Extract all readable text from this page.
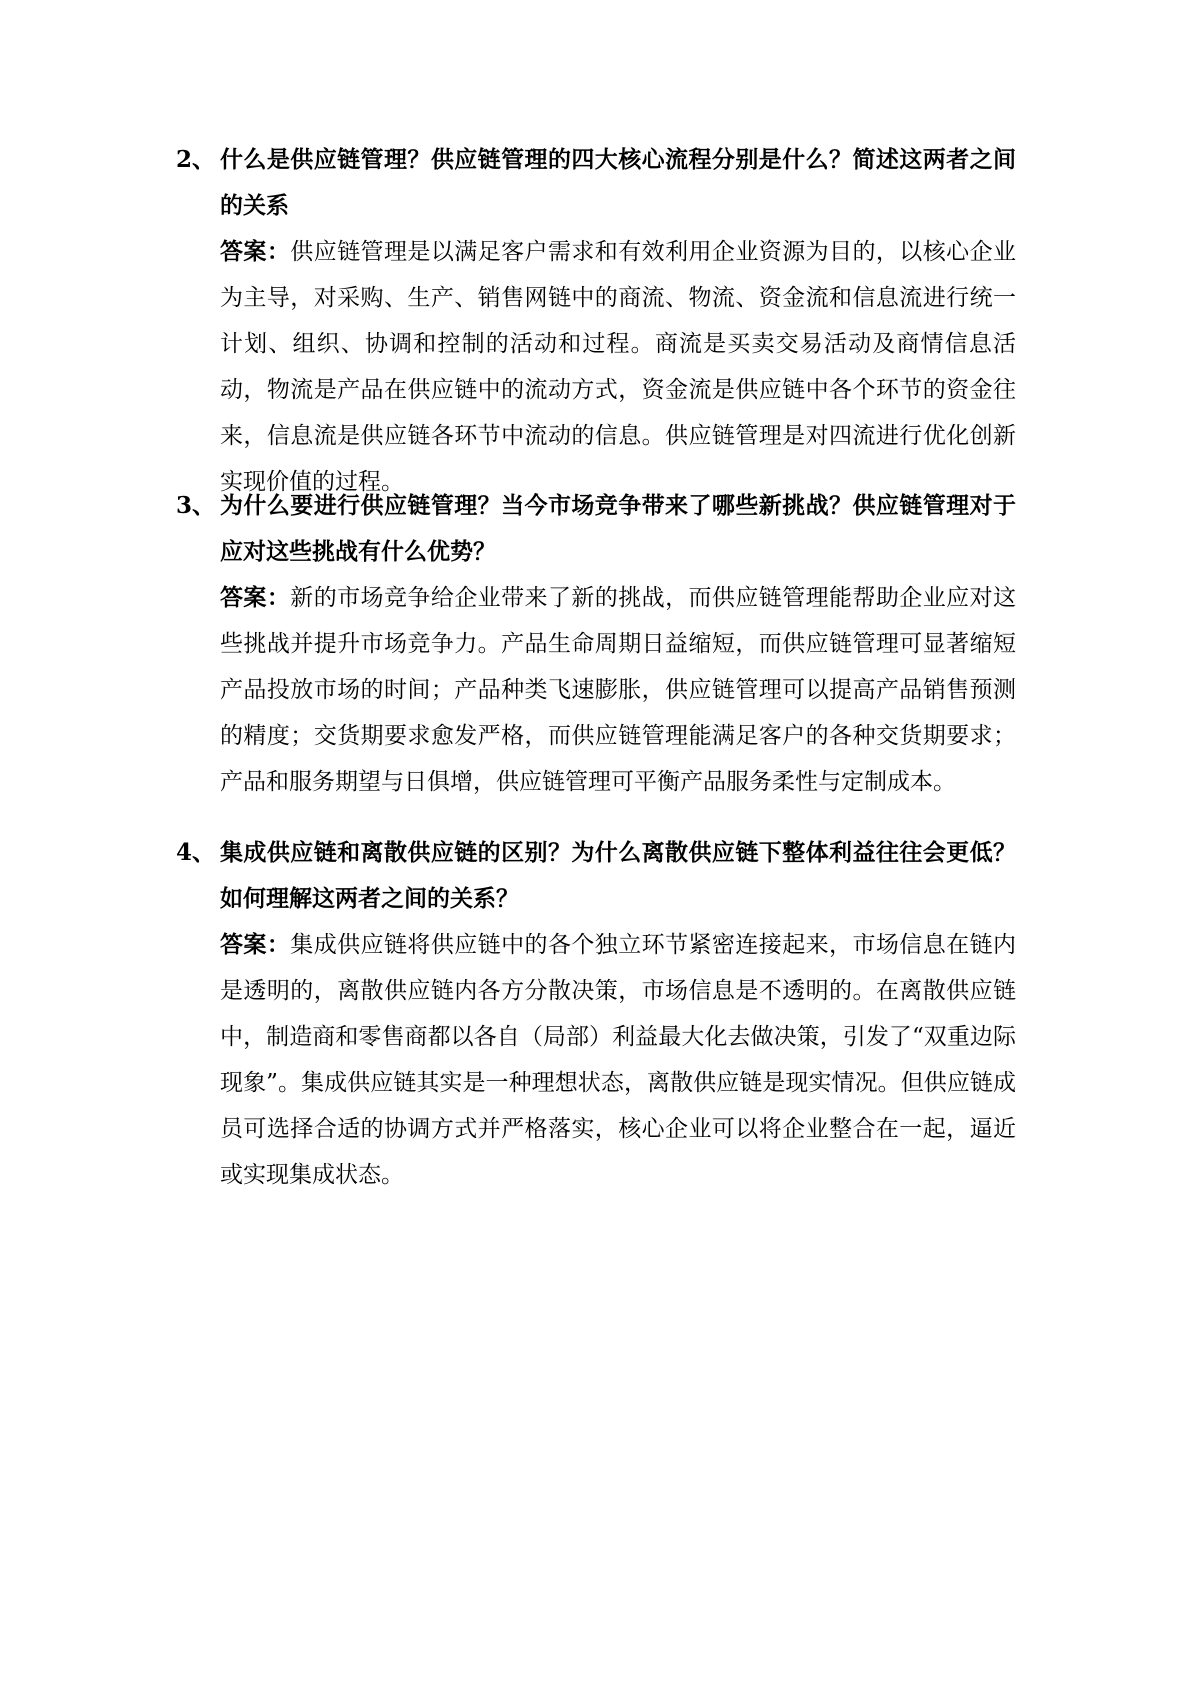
2、 什么是供应链管理？供应链管理的四大核心流程分别是什么？简述这两者之间的关系
答案：供应链管理是以满足客户需求和有效利用企业资源为目的，以核心企业为主导，对采购、生产、销售网链中的商流、物流、资金流和信息流进行统一计划、组织、协调和控制的活动和过程。商流是买卖交易活动及商情信息活动，物流是产品在供应链中的流动方式，资金流是供应链中各个环节的资金往来，信息流是供应链各环节中流动的信息。供应链管理是对四流进行优化创新实现价值的过程。
3、 为什么要进行供应链管理？当今市场竞争带来了哪些新挑战？供应链管理对于应对这些挑战有什么优势？
答案：新的市场竞争给企业带来了新的挑战，而供应链管理能帮助企业应对这些挑战并提升市场竞争力。产品生命周期日益缩短，而供应链管理可显著缩短产品投放市场的时间；产品种类飞速膨胀，供应链管理可以提高产品销售预测的精度；交货期要求愈发严格，而供应链管理能满足客户的各种交货期要求；产品和服务期望与日俱增，供应链管理可平衡产品服务柔性与定制成本。
4、 集成供应链和离散供应链的区别？为什么离散供应链下整体利益往往会更低？如何理解这两者之间的关系？
答案：集成供应链将供应链中的各个独立环节紧密连接起来，市场信息在链内是透明的，离散供应链内各方分散决策，市场信息是不透明的。在离散供应链中，制造商和零售商都以各自（局部）利益最大化去做决策，引发了“双重边际现象”。集成供应链其实是一种理想状态，离散供应链是现实情况。但供应链成员可选择合适的协调方式并严格落实，核心企业可以将企业整合在一起，逼近或实现集成状态。
